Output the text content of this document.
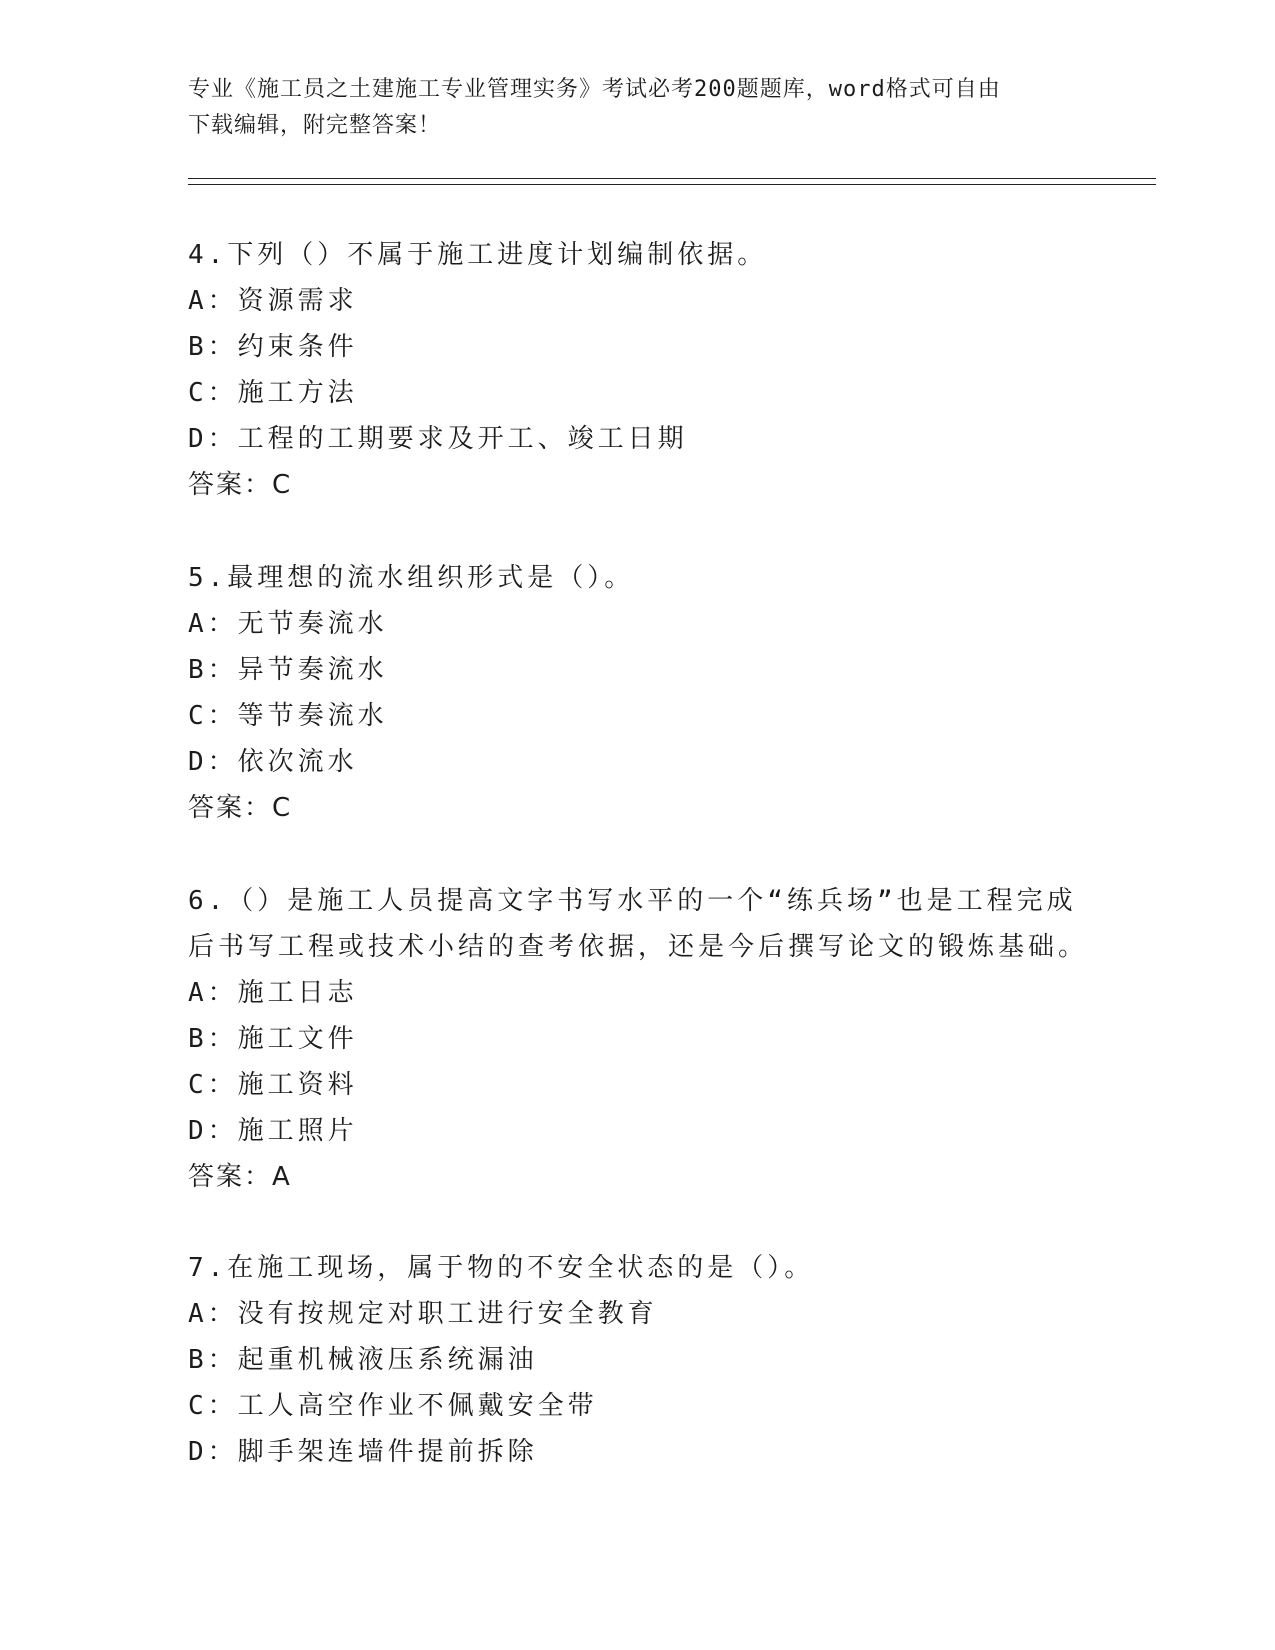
专业《施工员之土建施工专业管理实务》考试必考200题题库，word格式可自由
下载编辑，附完整答案！
4.下列（）不属于施工进度计划编制依据。
A：资源需求
B：约束条件
C：施工方法
D：工程的工期要求及开工、竣工日期
答案：C
5.最理想的流水组织形式是（）。
A：无节奏流水
B：异节奏流水
C：等节奏流水
D：依次流水
答案：C
6.（）是施工人员提高文字书写水平的一个“练兵场”也是工程完成
后书写工程或技术小结的查考依据，还是今后撰写论文的锻炼基础。
A：施工日志
B：施工文件
C：施工资料
D：施工照片
答案：A
7.在施工现场，属于物的不安全状态的是（）。
A：没有按规定对职工进行安全教育
B：起重机械液压系统漏油
C：工人高空作业不佩戴安全带
D：脚手架连墙件提前拆除
